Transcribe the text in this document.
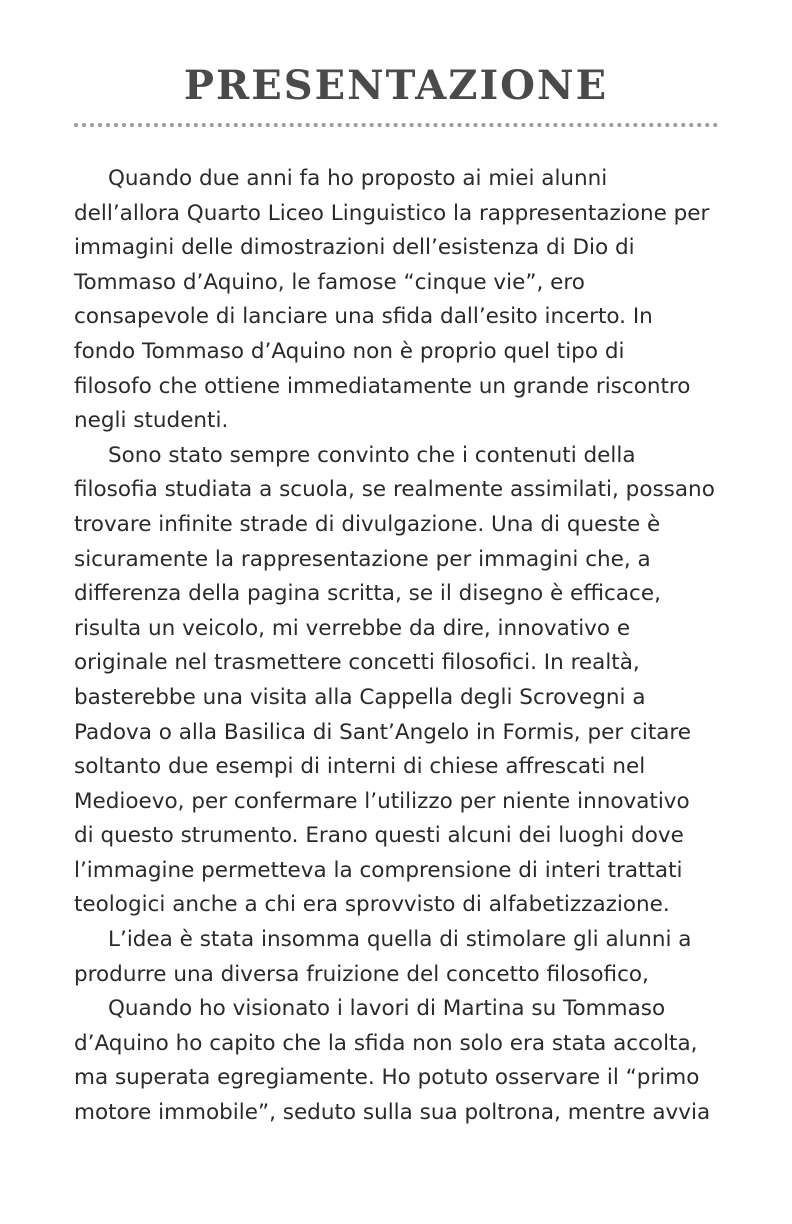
PRESENTAZIONE

Quando due anni fa ho proposto ai miei alunni
dell’allora Quarto Liceo Linguistico la rappresentazione per
immagini delle dimostrazioni dell’esistenza di Dio di
Tommaso d’Aquino, le famose “cinque vie”, ero
consapevole di lanciare una sfida dall’esito incerto. In
fondo Tommaso d’Aquino non è proprio quel tipo di
filosofo che ottiene immediatamente un grande riscontro
negli studenti.

Sono stato sempre convinto che i contenuti della
filosofia studiata a scuola, se realmente assimilati, possano
trovare infinite strade di divulgazione. Una di queste è
sicuramente la rappresentazione per immagini che, a
differenza della pagina scritta, se il disegno è efficace,
risulta un veicolo, mi verrebbe da dire, innovativo e
originale nel trasmettere concetti filosofici. In realtà,
basterebbe una visita alla Cappella degli Scrovegni a
Padova o alla Basilica di Sant’Angelo in Formis, per citare
soltanto due esempi di interni di chiese affrescati nel
Medioevo, per confermare l’utilizzo per niente innovativo
di questo strumento. Erano questi alcuni dei luoghi dove
l’immagine permetteva la comprensione di interi trattati
teologici anche a chi era sprovvisto di alfabetizzazione.

L’idea è stata insomma quella di stimolare gli alunni a
produrre una diversa fruizione del concetto filosofico,

Quando ho visionato i lavori di Martina su Tommaso
d’Aquino ho capito che la sfida non solo era stata accolta,
ma superata egregiamente. Ho potuto osservare il “primo
motore immobile”, seduto sulla sua poltrona, mentre avvia
